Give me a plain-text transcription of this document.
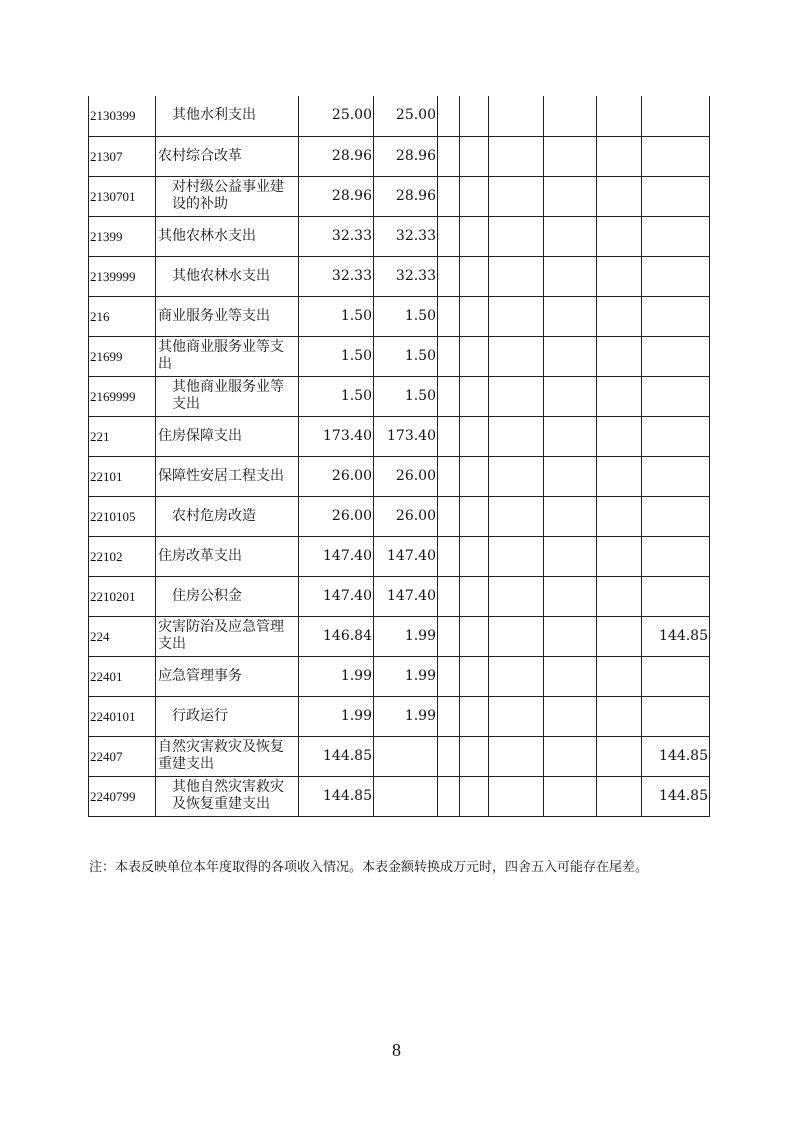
2130399	其他水利支出	25.00	25.00						
21307	农村综合改革	28.96	28.96						
2130701	对村级公益事业建设的补助	28.96	28.96						
21399	其他农林水支出	32.33	32.33						
2139999	其他农林水支出	32.33	32.33						
216	商业服务业等支出	1.50	1.50						
21699	其他商业服务业等支出	1.50	1.50						
2169999	其他商业服务业等支出	1.50	1.50						
221	住房保障支出	173.40	173.40						
22101	保障性安居工程支出	26.00	26.00						
2210105	农村危房改造	26.00	26.00						
22102	住房改革支出	147.40	147.40						
2210201	住房公积金	147.40	147.40						
224	灾害防治及应急管理支出	146.84	1.99						144.85
22401	应急管理事务	1.99	1.99						
2240101	行政运行	1.99	1.99						
22407	自然灾害救灾及恢复重建支出	144.85							144.85
2240799	其他自然灾害救灾及恢复重建支出	144.85							144.85
注：本表反映单位本年度取得的各项收入情况。本表金额转换成万元时，四舍五入可能存在尾差。
8
